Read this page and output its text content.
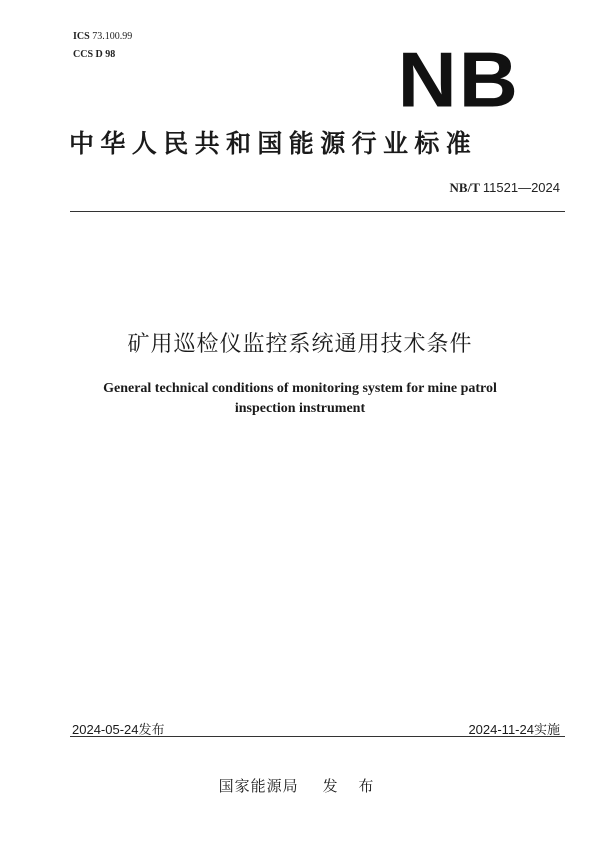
ICS 73.100.99
CCS D 98	NB
中华人民共和国能源行业标准
NB/T 11521—2024
矿用巡检仪监控系统通用技术条件
General technical conditions of monitoring system for mine patrol
inspection instrument
2024-05-24发布	2024-11-24实施
国家能源局 发 布
